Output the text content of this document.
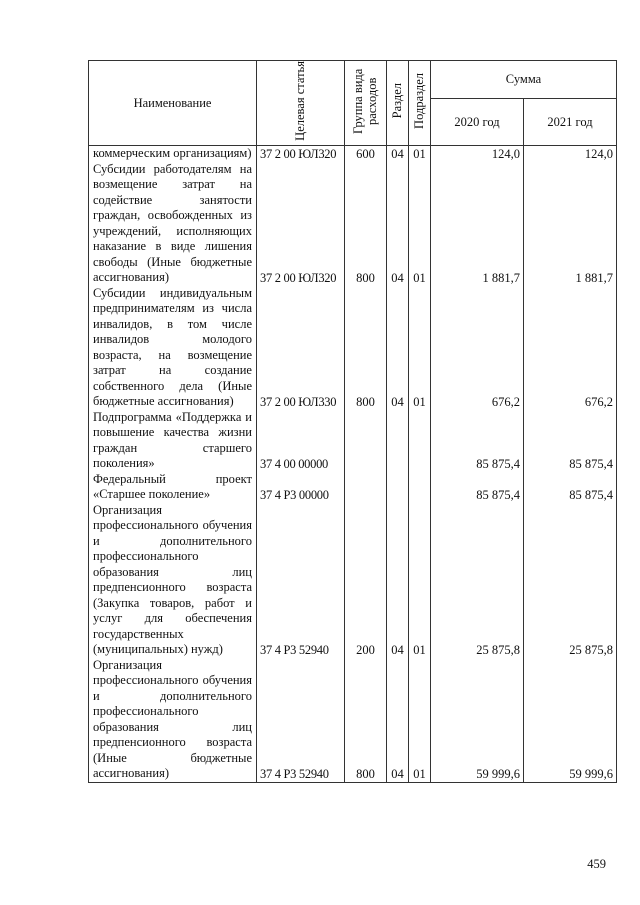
Наименование	Целевая статья	Группа вида расходов	Раздел	Подраздел	Сумма	
					2020 год	2021 год
коммерческим организациям)	37 2 00 ЮЛ320	600	04	01	124,0	124,0
Субсидии работодателям на возмещение затрат на содействие занятости граждан, освобожденных из учреждений, исполняющих наказание в виде лишения свободы (Иные бюджетные ассигнования)	37 2 00 ЮЛ320	800	04	01	1 881,7	1 881,7
Субсидии индивидуальным предпринимателям из числа инвалидов, в том числе инвалидов молодого возраста, на возмещение затрат на создание собственного дела (Иные бюджетные ассигнования)	37 2 00 ЮЛ330	800	04	01	676,2	676,2
Подпрограмма «Поддержка и повышение качества жизни граждан старшего поколения»	37 4 00 00000				85 875,4	85 875,4
Федеральный проект «Старшее поколение»	37 4 P3 00000				85 875,4	85 875,4
Организация профессионального обучения и дополнительного профессионального образования лиц предпенсионного возраста (Закупка товаров, работ и услуг для обеспечения государственных (муниципальных) нужд)	37 4 P3 52940	200	04	01	25 875,8	25 875,8
Организация профессионального обучения и дополнительного профессионального образования лиц предпенсионного возраста (Иные бюджетные ассигнования)	37 4 P3 52940	800	04	01	59 999,6	59 999,6
459
